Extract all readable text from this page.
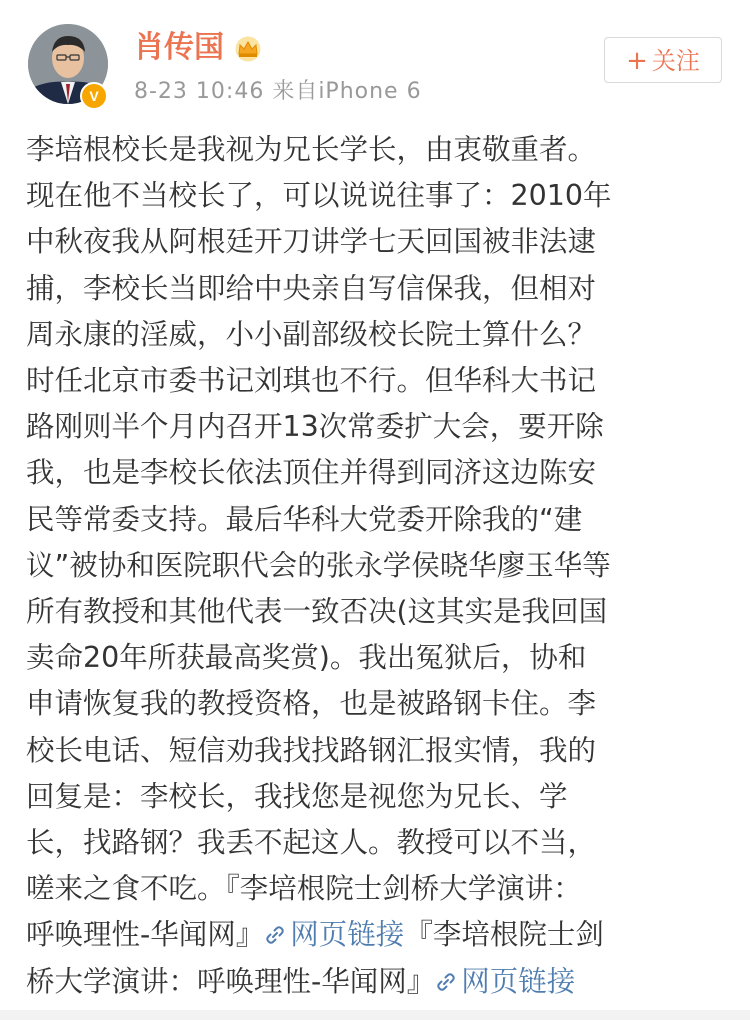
V
肖传国
8-23 10:46 来自iPhone 6
+ 关注

李培根校长是我视为兄长学长，由衷敬重者。

现在他不当校长了，可以说说往事了：2010年

中秋夜我从阿根廷开刀讲学七天回国被非法逮

捕，李校长当即给中央亲自写信保我，但相对

周永康的淫威，小小副部级校长院士算什么？

时任北京市委书记刘琪也不行。但华科大书记

路刚则半个月内召开13次常委扩大会，要开除

我，也是李校长依法顶住并得到同济这边陈安

民等常委支持。最后华科大党委开除我的“建

议”被协和医院职代会的张永学侯晓华廖玉华等

所有教授和其他代表一致否决(这其实是我回国

卖命20年所获最高奖赏)。我出冤狱后，协和

申请恢复我的教授资格，也是被路钢卡住。李

校长电话、短信劝我找找路钢汇报实情，我的

回复是：李校长，我找您是视您为兄长、学

长，找路钢？我丢不起这人。教授可以不当，

嗟来之食不吃。『李培根院士剑桥大学演讲：

呼唤理性-华闻网』 网页链接『李培根院士剑

桥大学演讲：呼唤理性-华闻网』 网页链接
